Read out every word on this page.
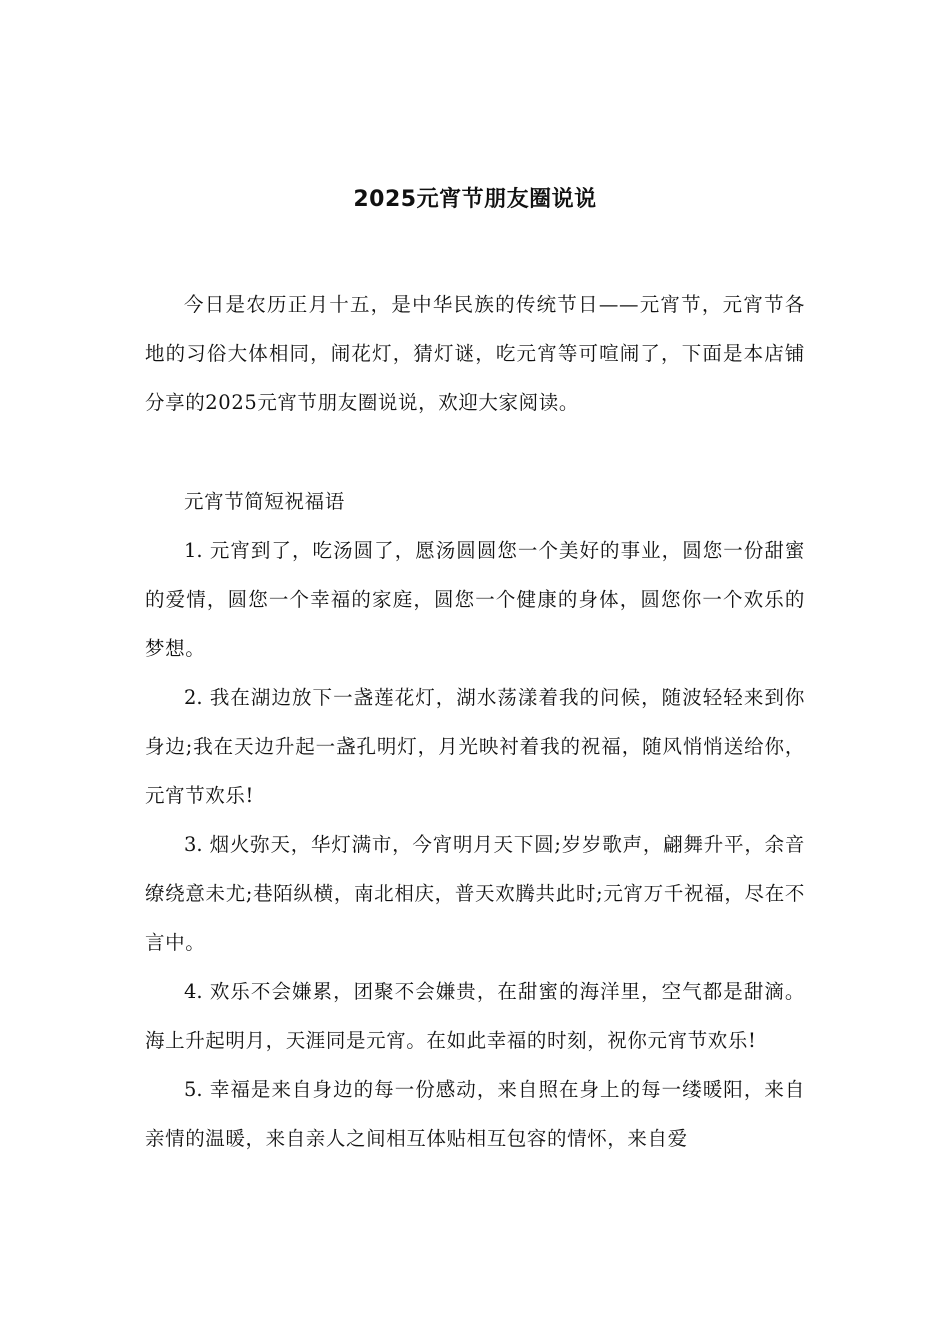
2025元宵节朋友圈说说

今日是农历正月十五，是中华民族的传统节日——元宵节，元宵节各地的习俗大体相同，闹花灯，猜灯谜，吃元宵等可喧闹了，下面是本店铺分享的2025元宵节朋友圈说说，欢迎大家阅读。

元宵节简短祝福语

1. 元宵到了，吃汤圆了，愿汤圆圆您一个美好的事业，圆您一份甜蜜的爱情，圆您一个幸福的家庭，圆您一个健康的身体，圆您你一个欢乐的梦想。
2. 我在湖边放下一盏莲花灯，湖水荡漾着我的问候，随波轻轻来到你身边;我在天边升起一盏孔明灯，月光映衬着我的祝福，随风悄悄送给你，元宵节欢乐!
3. 烟火弥天，华灯满市，今宵明月天下圆;岁岁歌声，翩舞升平，余音缭绕意未尤;巷陌纵横，南北相庆，普天欢腾共此时;元宵万千祝福，尽在不言中。
4. 欢乐不会嫌累，团聚不会嫌贵，在甜蜜的海洋里，空气都是甜滴。海上升起明月，天涯同是元宵。在如此幸福的时刻，祝你元宵节欢乐!
5. 幸福是来自身边的每一份感动，来自照在身上的每一缕暖阳，来自亲情的温暖，来自亲人之间相互体贴相互包容的情怀，来自爱
